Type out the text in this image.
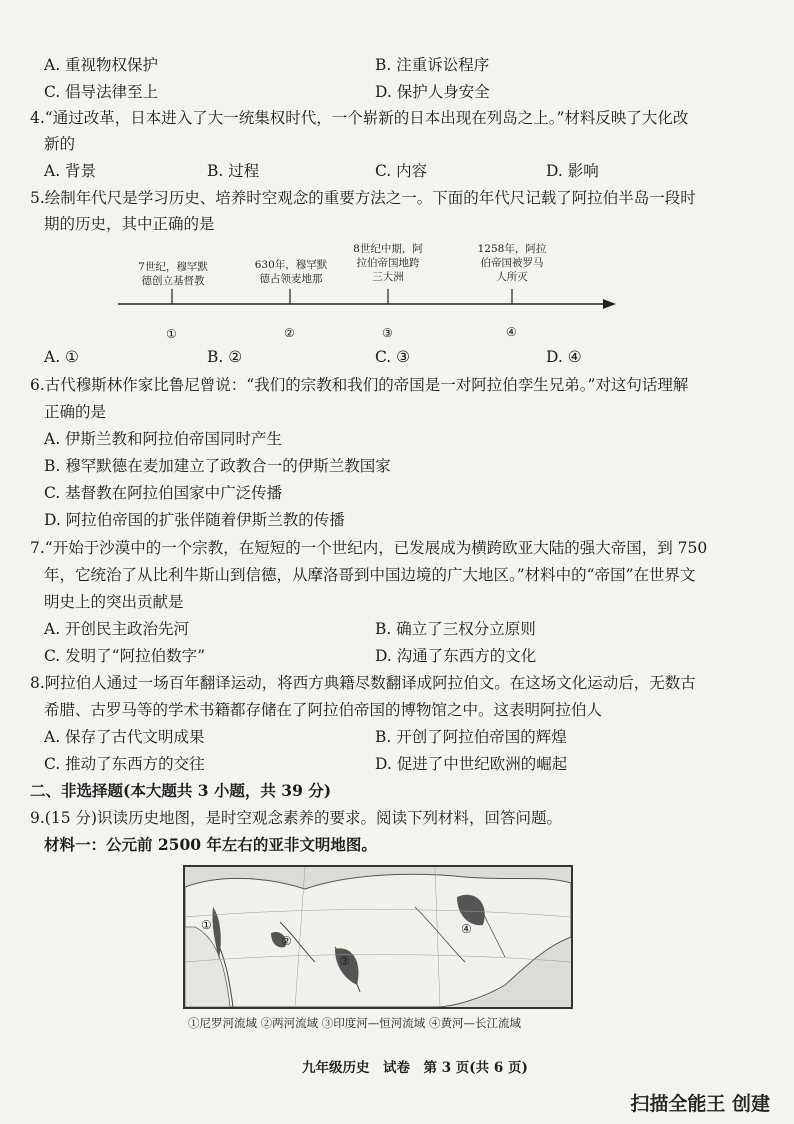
A. 重视物权保护	B. 注重诉讼程序
C. 倡导法律至上	D. 保护人身安全
4.“通过改革，日本进入了大一统集权时代，一个崭新的日本出现在列岛之上。”材料反映了大化改
新的
A. 背景	B. 过程	C. 内容	D. 影响
5.绘制年代尺是学习历史、培养时空观念的重要方法之一。下面的年代尺记载了阿拉伯半岛一段时
期的历史，其中正确的是
7世纪，穆罕默
德创立基督教
630年，穆罕默
德占领麦地那
8世纪中期，阿
拉伯帝国地跨
三大洲
1258年，阿拉
伯帝国被罗马
人所灭
①	②	③	④
A. ①	B. ②	C. ③	D. ④
6.古代穆斯林作家比鲁尼曾说：“我们的宗教和我们的帝国是一对阿拉伯孪生兄弟。”对这句话理解
正确的是
A. 伊斯兰教和阿拉伯帝国同时产生
B. 穆罕默德在麦加建立了政教合一的伊斯兰教国家
C. 基督教在阿拉伯国家中广泛传播
D. 阿拉伯帝国的扩张伴随着伊斯兰教的传播
7.“开始于沙漠中的一个宗教，在短短的一个世纪内，已发展成为横跨欧亚大陆的强大帝国，到 750
年，它统治了从比利牛斯山到信德，从摩洛哥到中国边境的广大地区。”材料中的“帝国”在世界文
明史上的突出贡献是
A. 开创民主政治先河	B. 确立了三权分立原则
C. 发明了“阿拉伯数字”	D. 沟通了东西方的文化
8.阿拉伯人通过一场百年翻译运动，将西方典籍尽数翻译成阿拉伯文。在这场文化运动后，无数古
希腊、古罗马等的学术书籍都存储在了阿拉伯帝国的博物馆之中。这表明阿拉伯人
A. 保存了古代文明成果	B. 开创了阿拉伯帝国的辉煌
C. 推动了东西方的交往	D. 促进了中世纪欧洲的崛起
二、非选择题(本大题共 3 小题，共 39 分)
9.(15 分)识读历史地图，是时空观念素养的要求。阅读下列材料，回答问题。
材料一：公元前 2500 年左右的亚非文明地图。
①
②
③
④
①尼罗河流域 ②两河流域 ③印度河—恒河流域 ④黄河—长江流域
九年级历史　试卷　第 3 页(共 6 页)
扫描全能王 创建
